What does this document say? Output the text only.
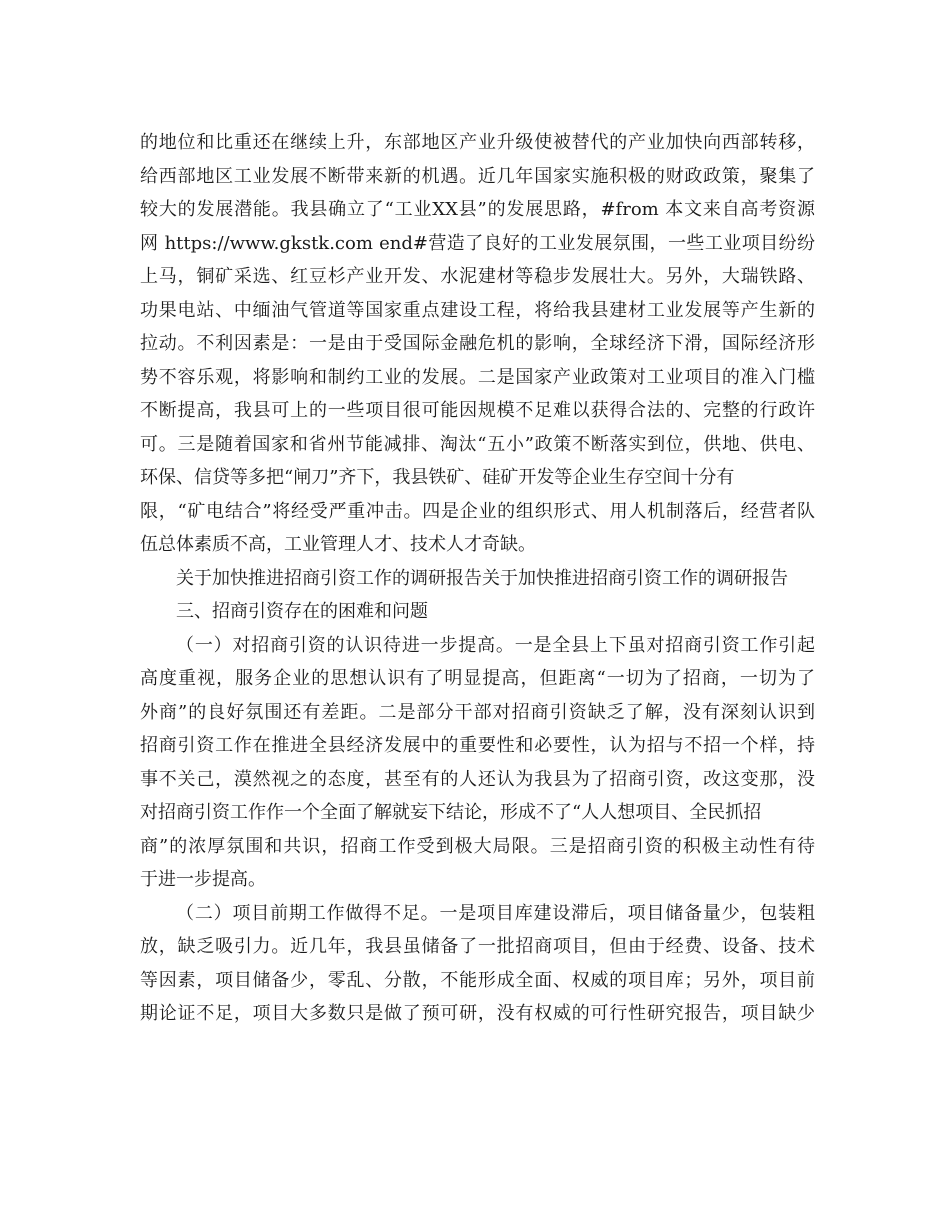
的地位和比重还在继续上升，东部地区产业升级使被替代的产业加快向西部转移，
给西部地区工业发展不断带来新的机遇。近几年国家实施积极的财政政策，聚集了
较大的发展潜能。我县确立了“工业XX县”的发展思路，#from 本文来自高考资源
网 https://www.gkstk.com end#营造了良好的工业发展氛围，一些工业项目纷纷
上马，铜矿采选、红豆杉产业开发、水泥建材等稳步发展壮大。另外，大瑞铁路、
功果电站、中缅油气管道等国家重点建设工程，将给我县建材工业发展等产生新的
拉动。不利因素是：一是由于受国际金融危机的影响，全球经济下滑，国际经济形
势不容乐观，将影响和制约工业的发展。二是国家产业政策对工业项目的准入门槛
不断提高，我县可上的一些项目很可能因规模不足难以获得合法的、完整的行政许
可。三是随着国家和省州节能减排、淘汰“五小”政策不断落实到位，供地、供电、
环保、信贷等多把“闸刀”齐下，我县铁矿、硅矿开发等企业生存空间十分有
限，“矿电结合”将经受严重冲击。四是企业的组织形式、用人机制落后，经营者队
伍总体素质不高，工业管理人才、技术人才奇缺。
关于加快推进招商引资工作的调研报告关于加快推进招商引资工作的调研报告
三、招商引资存在的困难和问题
（一）对招商引资的认识待进一步提高。一是全县上下虽对招商引资工作引起
高度重视，服务企业的思想认识有了明显提高，但距离“一切为了招商，一切为了
外商”的良好氛围还有差距。二是部分干部对招商引资缺乏了解，没有深刻认识到
招商引资工作在推进全县经济发展中的重要性和必要性，认为招与不招一个样，持
事不关己，漠然视之的态度，甚至有的人还认为我县为了招商引资，改这变那，没
对招商引资工作作一个全面了解就妄下结论，形成不了“人人想项目、全民抓招
商”的浓厚氛围和共识，招商工作受到极大局限。三是招商引资的积极主动性有待
于进一步提高。
（二）项目前期工作做得不足。一是项目库建设滞后，项目储备量少，包装粗
放，缺乏吸引力。近几年，我县虽储备了一批招商项目，但由于经费、设备、技术
等因素，项目储备少，零乱、分散，不能形成全面、权威的项目库；另外，项目前
期论证不足，项目大多数只是做了预可研，没有权威的可行性研究报告，项目缺少
